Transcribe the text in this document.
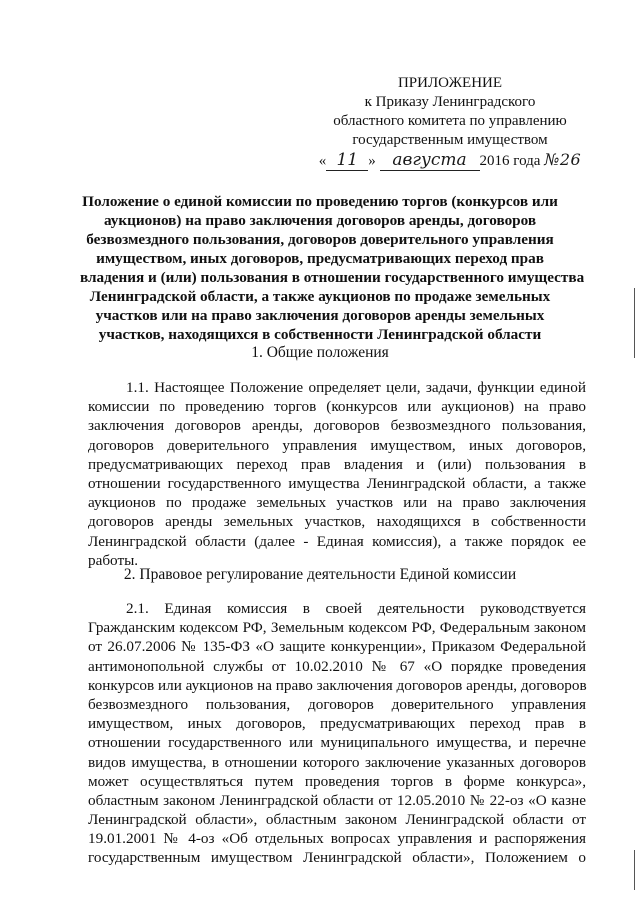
ПРИЛОЖЕНИЕ
к Приказу Ленинградского
областного комитета по управлению
государственным имуществом
« 11 » августа 2016 года №26
Положение о единой комиссии по проведению торгов (конкурсов или
аукционов) на право заключения договоров аренды, договоров
безвозмездного пользования, договоров доверительного управления
имуществом, иных договоров, предусматривающих переход прав
владения и (или) пользования в отношении государственного имущества
Ленинградской области, а также аукционов по продаже земельных
участков или на право заключения договоров аренды земельных
участков, находящихся в собственности Ленинградской области
1. Общие положения
1.1. Настоящее Положение определяет цели, задачи, функции единой
комиссии по проведению торгов (конкурсов или аукционов) на право
заключения договоров аренды, договоров безвозмездного пользования,
договоров доверительного управления имуществом, иных договоров,
предусматривающих переход прав владения и (или) пользования в
отношении государственного имущества Ленинградской области, а также
аукционов по продаже земельных участков или на право заключения
договоров аренды земельных участков, находящихся в собственности
Ленинградской области (далее - Единая комиссия), а также порядок ее
работы.
2. Правовое регулирование деятельности Единой комиссии
2.1. Единая комиссия в своей деятельности руководствуется
Гражданским кодексом РФ, Земельным кодексом РФ, Федеральным законом
от 26.07.2006 № 135-ФЗ «О защите конкуренции», Приказом Федеральной
антимонопольной службы от 10.02.2010 № 67 «О порядке проведения
конкурсов или аукционов на право заключения договоров аренды, договоров
безвозмездного пользования, договоров доверительного управления
имуществом, иных договоров, предусматривающих переход прав в
отношении государственного или муниципального имущества, и перечне
видов имущества, в отношении которого заключение указанных договоров
может осуществляться путем проведения торгов в форме конкурса»,
областным законом Ленинградской области от 12.05.2010 № 22-оз «О казне
Ленинградской области», областным законом Ленинградской области от
19.01.2001 № 4-оз «Об отдельных вопросах управления и распоряжения
государственным имуществом Ленинградской области», Положением о
